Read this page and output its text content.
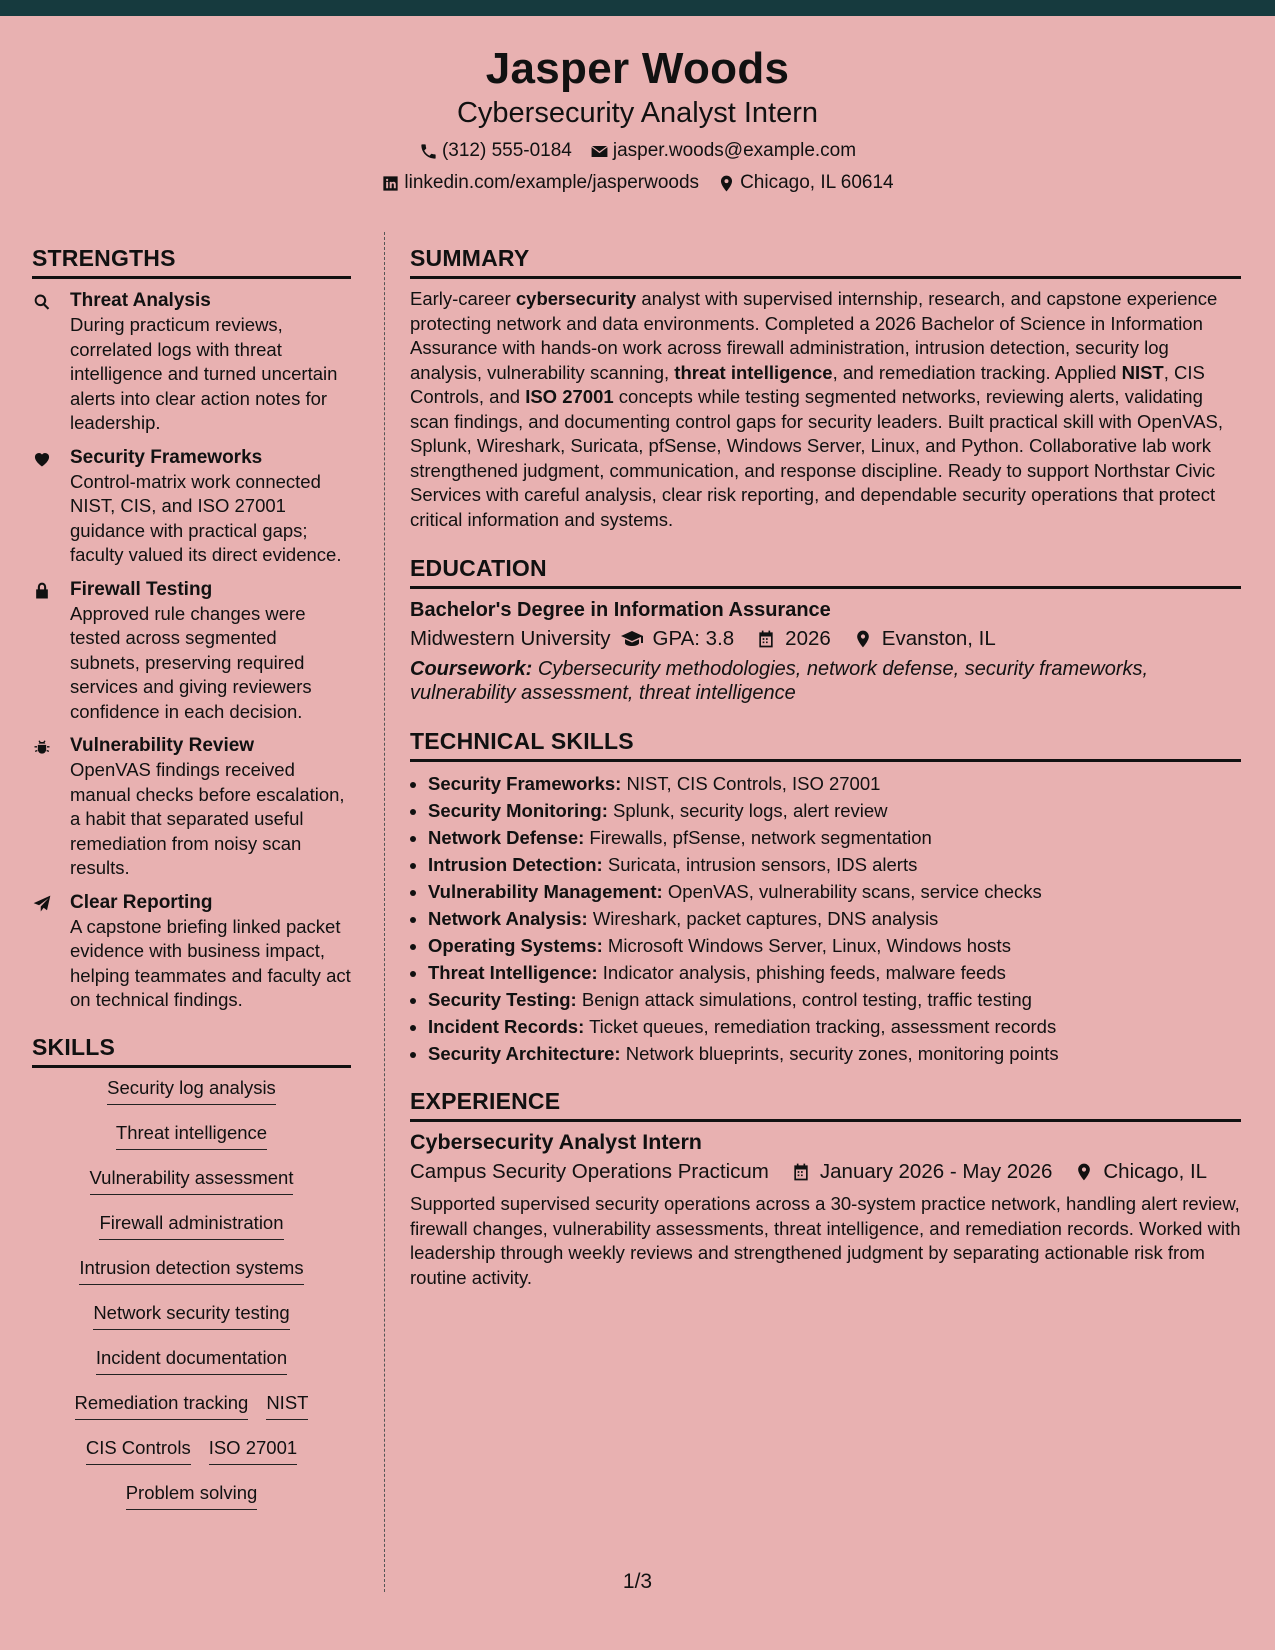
Jasper Woods
Cybersecurity Analyst Intern
(312) 555-0184 jasper.woods@example.com
linkedin.com/example/jasperwoods Chicago, IL 60614
STRENGTHS
Threat Analysis
During practicum reviews, correlated logs with threat intelligence and turned uncertain alerts into clear action notes for leadership.
Security Frameworks
Control-matrix work connected NIST, CIS, and ISO 27001 guidance with practical gaps; faculty valued its direct evidence.
Firewall Testing
Approved rule changes were tested across segmented subnets, preserving required services and giving reviewers confidence in each decision.
Vulnerability Review
OpenVAS findings received manual checks before escalation, a habit that separated useful remediation from noisy scan results.
Clear Reporting
A capstone briefing linked packet evidence with business impact, helping teammates and faculty act on technical findings.
SKILLS
Security log analysis
Threat intelligence
Vulnerability assessment
Firewall administration
Intrusion detection systems
Network security testing
Incident documentation
Remediation tracking NIST
CIS Controls ISO 27001
Problem solving
SUMMARY
Early-career cybersecurity analyst with supervised internship, research, and capstone experience protecting network and data environments. Completed a 2026 Bachelor of Science in Information Assurance with hands-on work across firewall administration, intrusion detection, security log analysis, vulnerability scanning, threat intelligence, and remediation tracking. Applied NIST, CIS Controls, and ISO 27001 concepts while testing segmented networks, reviewing alerts, validating scan findings, and documenting control gaps for security leaders. Built practical skill with OpenVAS, Splunk, Wireshark, Suricata, pfSense, Windows Server, Linux, and Python. Collaborative lab work strengthened judgment, communication, and response discipline. Ready to support Northstar Civic Services with careful analysis, clear risk reporting, and dependable security operations that protect critical information and systems.
EDUCATION
Bachelor's Degree in Information Assurance
Midwestern University GPA: 3.8 2026 Evanston, IL
Coursework: Cybersecurity methodologies, network defense, security frameworks, vulnerability assessment, threat intelligence
TECHNICAL SKILLS
• Security Frameworks: NIST, CIS Controls, ISO 27001
• Security Monitoring: Splunk, security logs, alert review
• Network Defense: Firewalls, pfSense, network segmentation
• Intrusion Detection: Suricata, intrusion sensors, IDS alerts
• Vulnerability Management: OpenVAS, vulnerability scans, service checks
• Network Analysis: Wireshark, packet captures, DNS analysis
• Operating Systems: Microsoft Windows Server, Linux, Windows hosts
• Threat Intelligence: Indicator analysis, phishing feeds, malware feeds
• Security Testing: Benign attack simulations, control testing, traffic testing
• Incident Records: Ticket queues, remediation tracking, assessment records
• Security Architecture: Network blueprints, security zones, monitoring points
EXPERIENCE
Cybersecurity Analyst Intern
Campus Security Operations Practicum January 2026 - May 2026 Chicago, IL
Supported supervised security operations across a 30-system practice network, handling alert review, firewall changes, vulnerability assessments, threat intelligence, and remediation records. Worked with leadership through weekly reviews and strengthened judgment by separating actionable risk from routine activity.
1/3
